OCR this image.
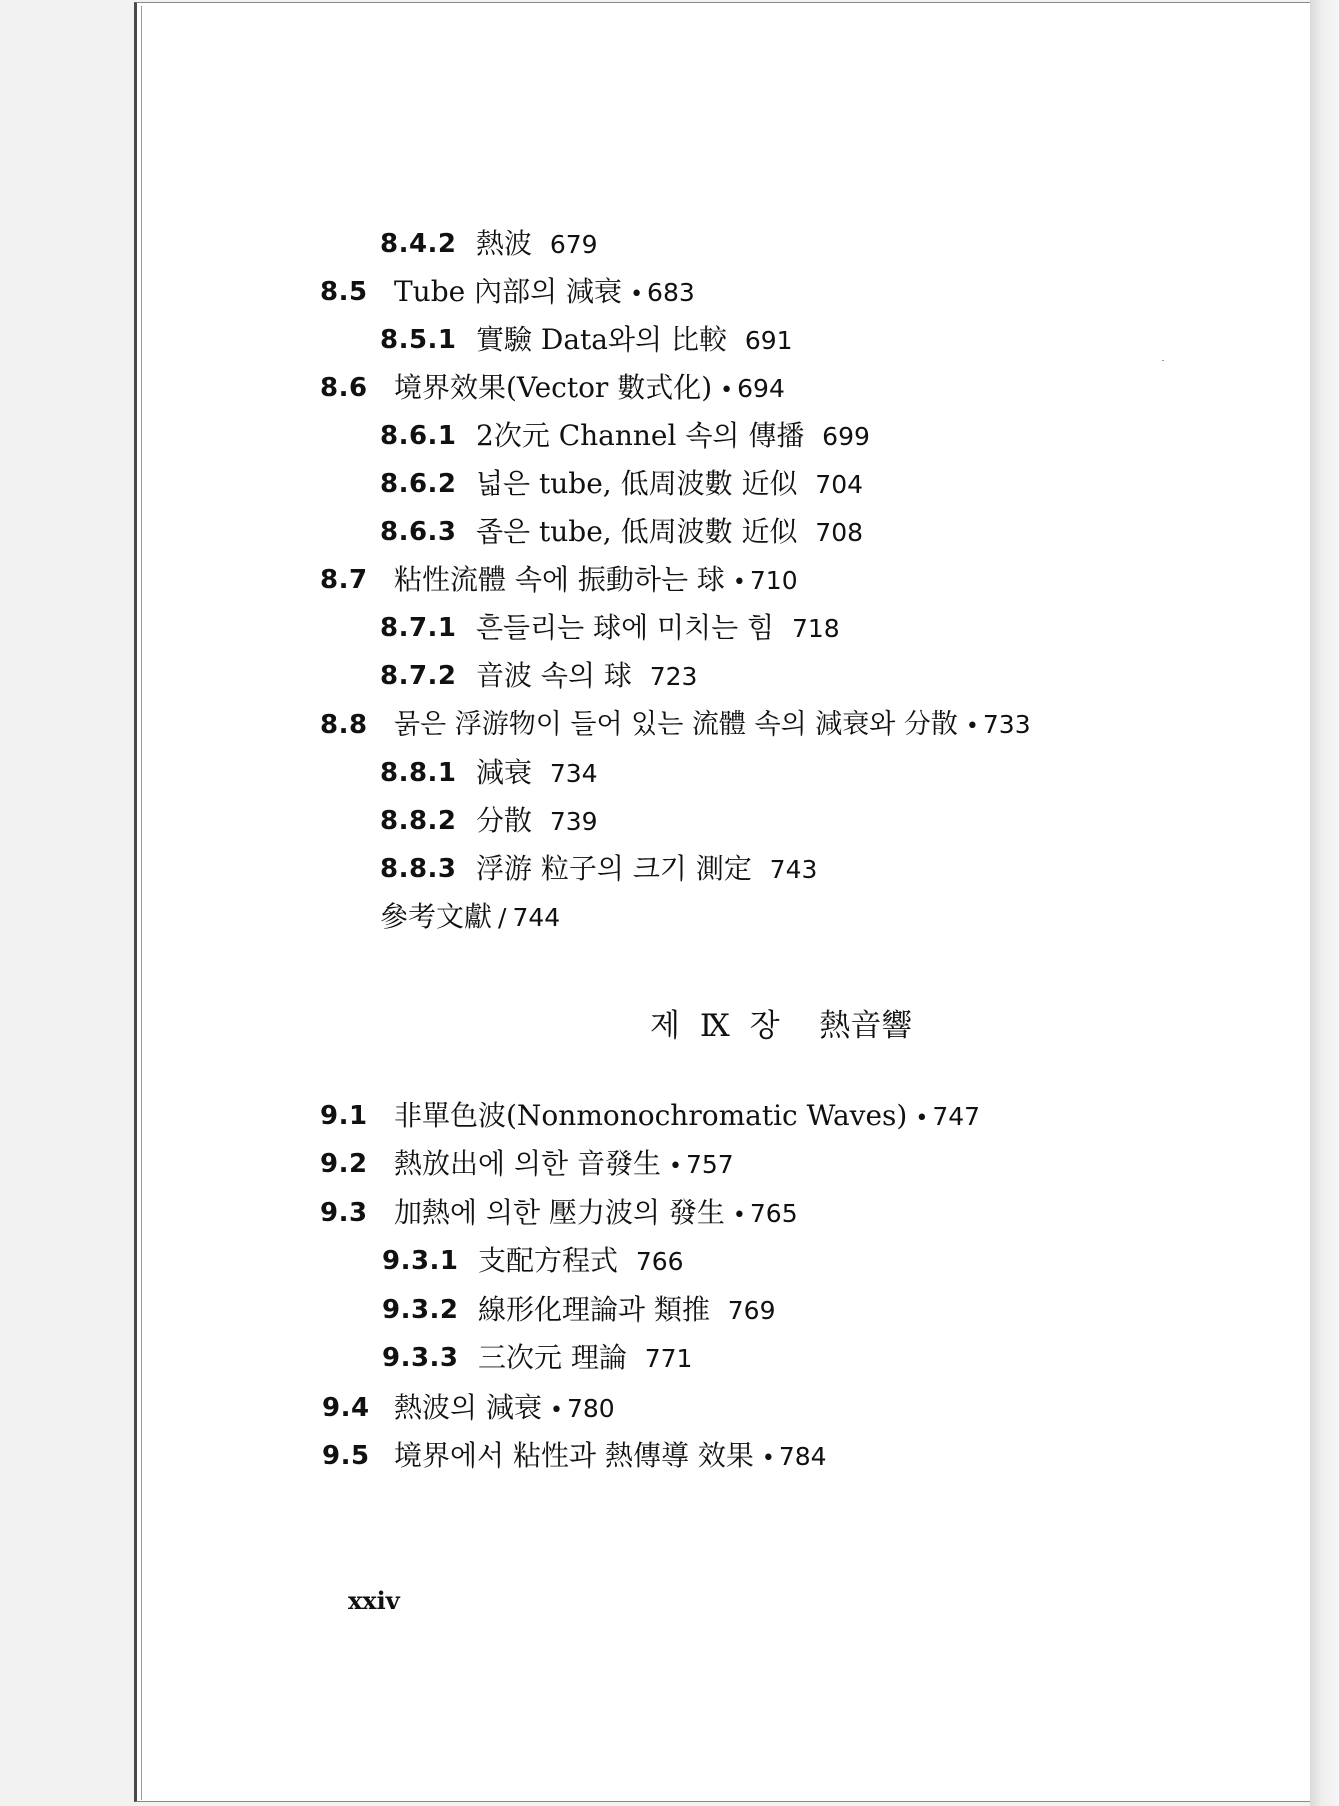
8.4.2 熱波 679
8.5 Tube 內部의 減衰 • 683
8.5.1 實驗 Data와의 比較 691
8.6 境界效果(Vector 數式化) • 694
8.6.1 2次元 Channel 속의 傳播 699
8.6.2 넓은 tube, 低周波數 近似 704
8.6.3 좁은 tube, 低周波數 近似 708
8.7 粘性流體 속에 振動하는 球 • 710
8.7.1 흔들리는 球에 미치는 힘 718
8.7.2 音波 속의 球 723
8.8 묽은 浮游物이 들어 있는 流體 속의 減衰와 分散 • 733
8.8.1 減衰 734
8.8.2 分散 739
8.8.3 浮游 粒子의 크기 測定 743
參考文獻 / 744
제 Ⅸ 장 熱音響
9.1 非單色波(Nonmonochromatic Waves) • 747
9.2 熱放出에 의한 音發生 • 757
9.3 加熱에 의한 壓力波의 發生 • 765
9.3.1 支配方程式 766
9.3.2 線形化理論과 類推 769
9.3.3 三次元 理論 771
9.4 熱波의 減衰 • 780
9.5 境界에서 粘性과 熱傳導 效果 • 784
xxiv
